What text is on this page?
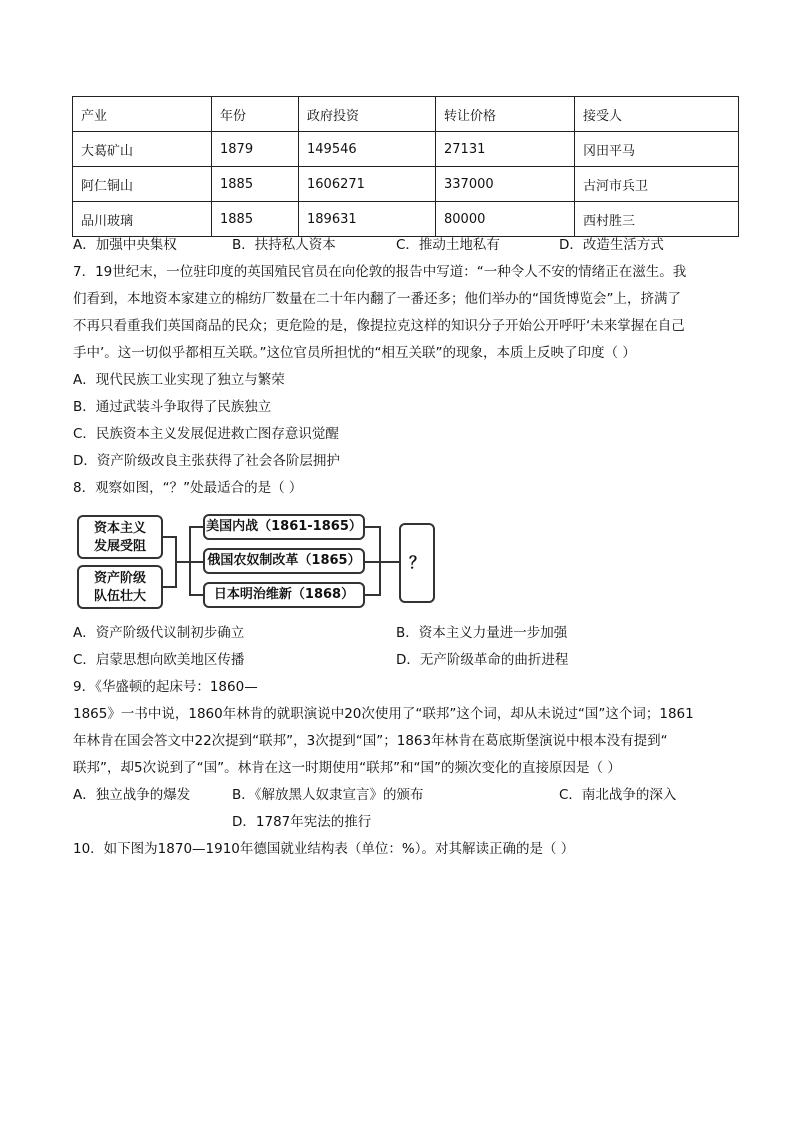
产业	年份	政府投资	转让价格	接受人
大葛矿山	1879	149546	27131	冈田平马
阿仁铜山	1885	1606271	337000	古河市兵卫
品川玻璃	1885	189631	80000	西村胜三
A．加强中央集权	B．扶持私人资本	C．推动土地私有	D．改造生活方式
7．19世纪末，一位驻印度的英国殖民官员在向伦敦的报告中写道：“一种令人不安的情绪正在滋生。我
们看到，本地资本家建立的棉纺厂数量在二十年内翻了一番还多；他们举办的“国货博览会”上，挤满了
不再只看重我们英国商品的民众；更危险的是，像提拉克这样的知识分子开始公开呼吁‘未来掌握在自己
手中’。这一切似乎都相互关联。”这位官员所担忧的“相互关联”的现象，本质上反映了印度（ ）
A．现代民族工业实现了独立与繁荣
B．通过武装斗争取得了民族独立
C．民族资本主义发展促进救亡图存意识觉醒
D．资产阶级改良主张获得了社会各阶层拥护
8．观察如图，“？”处最适合的是（ ）
资本主义
发展受阻
资产阶级
队伍壮大
美国内战（1861-1865）
俄国农奴制改革（1865）
日本明治维新（1868）
？
A．资产阶级代议制初步确立	B．资本主义力量进一步加强
C．启蒙思想向欧美地区传播	D．无产阶级革命的曲折进程
9．《华盛顿的起床号：1860—
1865》一书中说，1860年林肯的就职演说中20次使用了“联邦”这个词，却从未说过“国”这个词；1861
年林肯在国会答文中22次提到“联邦”，3次提到“国”；1863年林肯在葛底斯堡演说中根本没有提到“
联邦”，却5次说到了“国”。林肯在这一时期使用“联邦”和“国”的频次变化的直接原因是（ ）
A．独立战争的爆发	B．《解放黑人奴隶宣言》的颁布	C．南北战争的深入
D．1787年宪法的推行
10．如下图为1870—1910年德国就业结构表（单位：%）。对其解读正确的是（ ）
